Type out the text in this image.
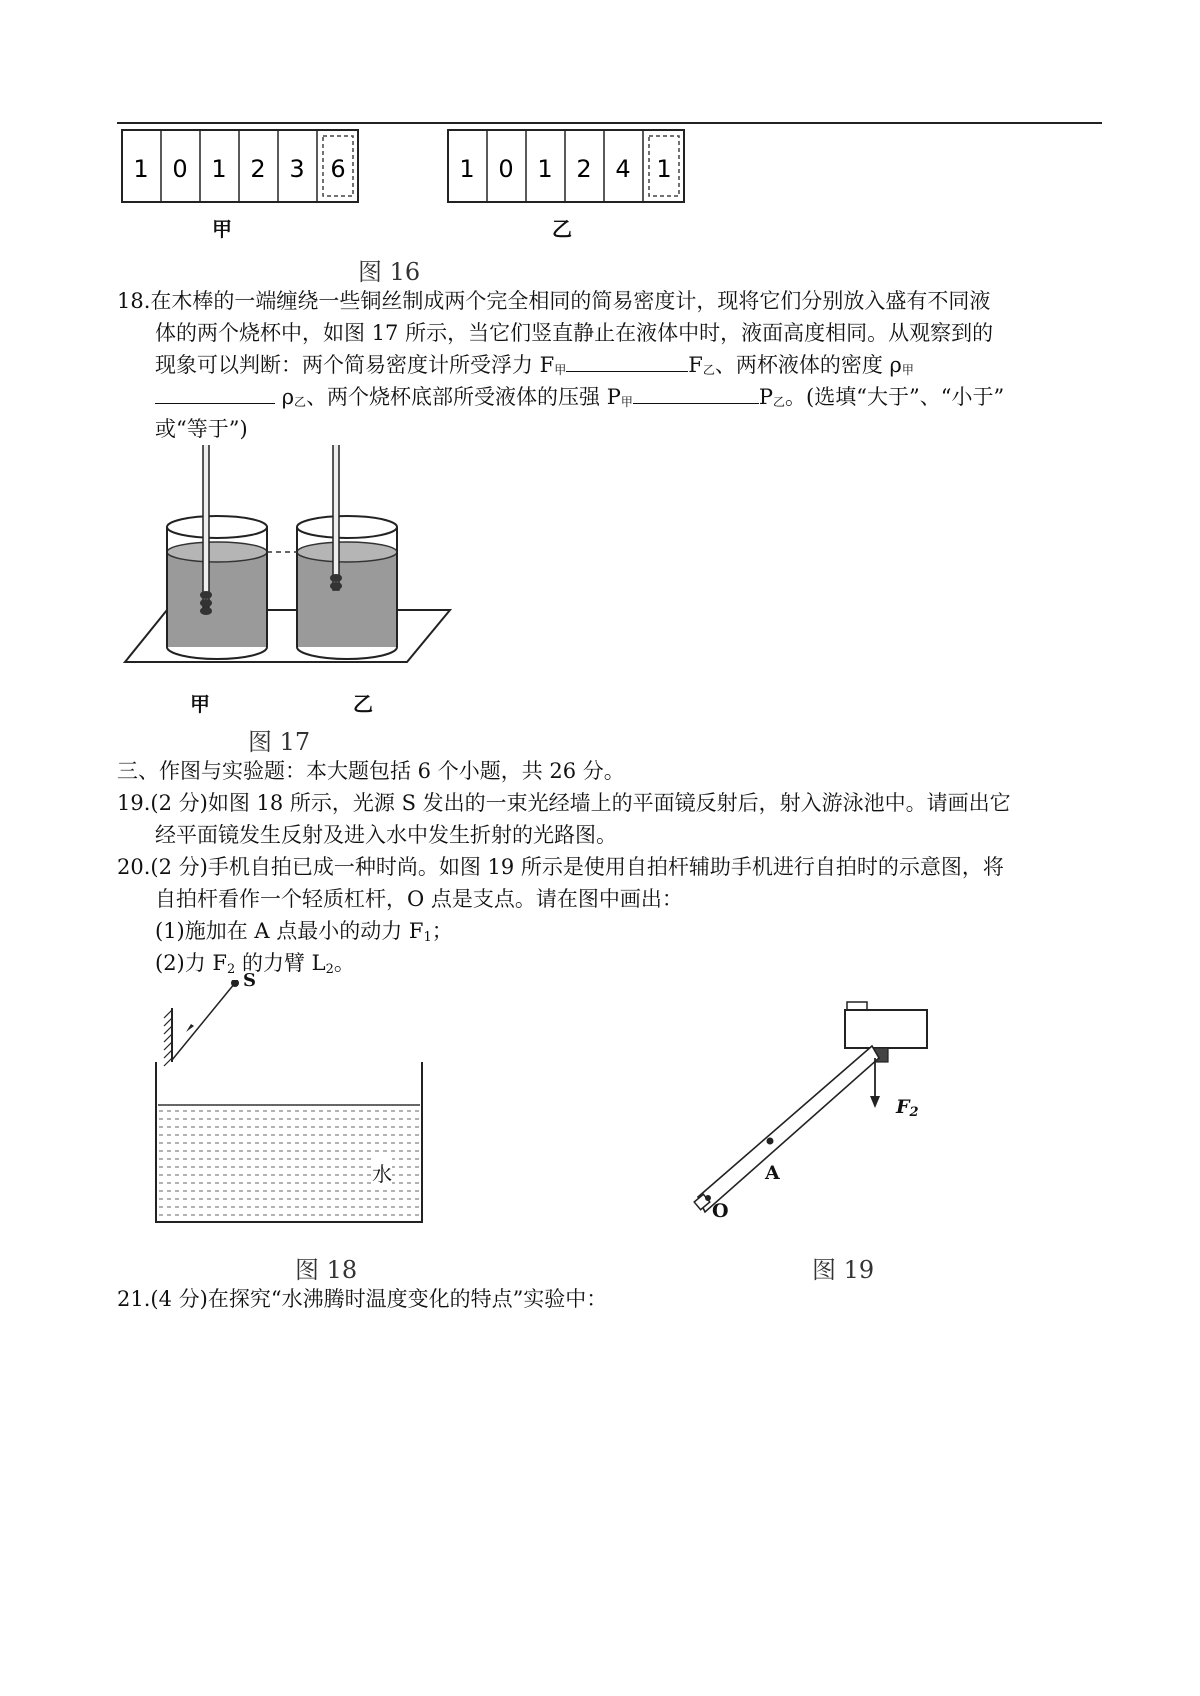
1 0 1 2 3 6	1 0 1 2 4 1
甲	乙
图 16
18.在木棒的一端缠绕一些铜丝制成两个完全相同的简易密度计，现将它们分别放入盛有不同液
体的两个烧杯中，如图 17 所示，当它们竖直静止在液体中时，液面高度相同。从观察到的
现象可以判断：两个简易密度计所受浮力 F甲	F乙、两杯液体的密度 ρ甲
ρ乙、两个烧杯底部所受液体的压强 P甲	P乙。(选填“大于”、“小于”
或“等于”)
甲	乙
图 17
三、作图与实验题：本大题包括 6 个小题，共 26 分。
19.(2 分)如图 18 所示，光源 S 发出的一束光经墙上的平面镜反射后，射入游泳池中。请画出它
经平面镜发生反射及进入水中发生折射的光路图。
20.(2 分)手机自拍已成一种时尚。如图 19 所示是使用自拍杆辅助手机进行自拍时的示意图，将
自拍杆看作一个轻质杠杆，O 点是支点。请在图中画出：
(1)施加在 A 点最小的动力 $F_1$；
(2)力 $F_2$ 的力臂 $L_2$。
S
水
图 18
$F_2$
A
O
图 19
21.(4 分)在探究“水沸腾时温度变化的特点”实验中：
